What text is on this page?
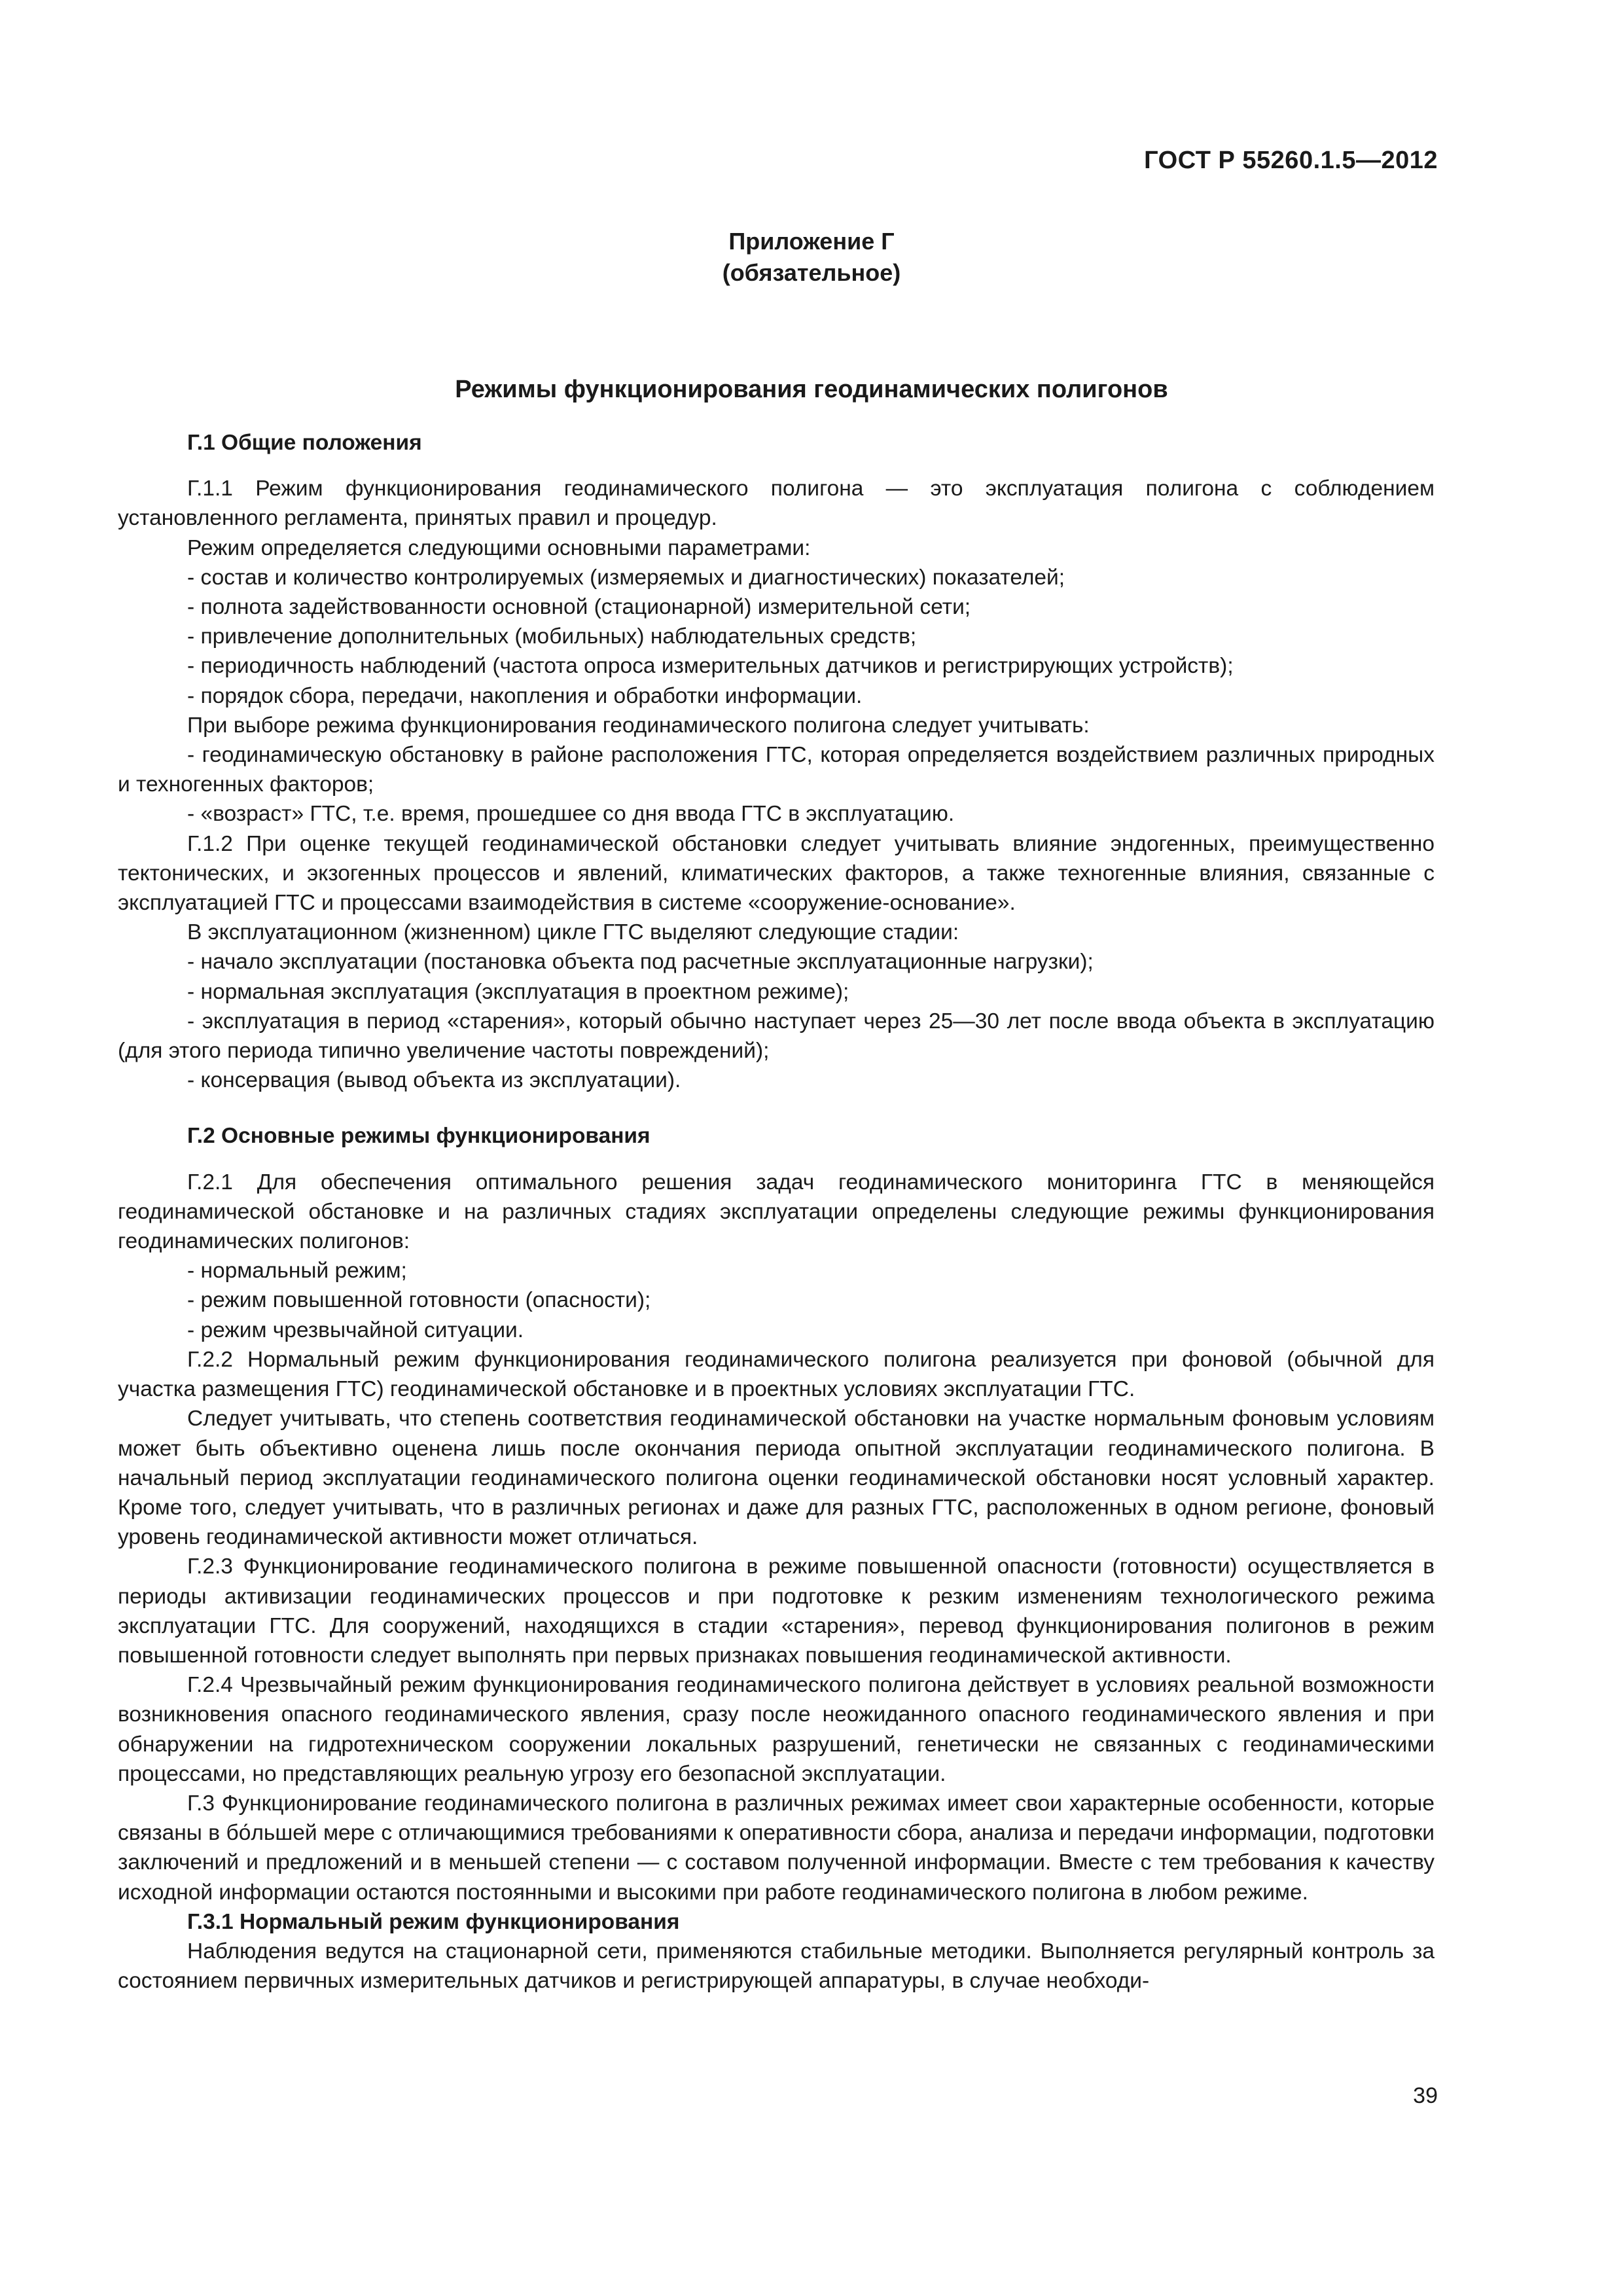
ГОСТ Р 55260.1.5—2012
Приложение Г
(обязательное)
Режимы функционирования геодинамических полигонов

Г.1 Общие положения

Г.1.1 Режим функционирования геодинамического полигона — это эксплуатация полигона с соблюдением установленного регламента, принятых правил и процедур.

Режим определяется следующими основными параметрами:

- состав и количество контролируемых (измеряемых и диагностических) показателей;

- полнота задействованности основной (стационарной) измерительной сети;

- привлечение дополнительных (мобильных) наблюдательных средств;

- периодичность наблюдений (частота опроса измерительных датчиков и регистрирующих устройств);

- порядок сбора, передачи, накопления и обработки информации.

При выборе режима функционирования геодинамического полигона следует учитывать:

- геодинамическую обстановку в районе расположения ГТС, которая определяется воздействием различных природных и техногенных факторов;

- «возраст» ГТС, т.е. время, прошедшее со дня ввода ГТС в эксплуатацию.

Г.1.2 При оценке текущей геодинамической обстановки следует учитывать влияние эндогенных, преимущественно тектонических, и экзогенных процессов и явлений, климатических факторов, а также техногенные влияния, связанные с эксплуатацией ГТС и процессами взаимодействия в системе «сооружение-основание».

В эксплуатационном (жизненном) цикле ГТС выделяют следующие стадии:

- начало эксплуатации (постановка объекта под расчетные эксплуатационные нагрузки);

- нормальная эксплуатация (эксплуатация в проектном режиме);

- эксплуатация в период «старения», который обычно наступает через 25—30 лет после ввода объекта в эксплуатацию (для этого периода типично увеличение частоты повреждений);

- консервация (вывод объекта из эксплуатации).

Г.2 Основные режимы функционирования

Г.2.1 Для обеспечения оптимального решения задач геодинамического мониторинга ГТС в меняющейся геодинамической обстановке и на различных стадиях эксплуатации определены следующие режимы функционирования геодинамических полигонов:

- нормальный режим;

- режим повышенной готовности (опасности);

- режим чрезвычайной ситуации.

Г.2.2 Нормальный режим функционирования геодинамического полигона реализуется при фоновой (обычной для участка размещения ГТС) геодинамической обстановке и в проектных условиях эксплуатации ГТС.

Следует учитывать, что степень соответствия геодинамической обстановки на участке нормальным фоновым условиям может быть объективно оценена лишь после окончания периода опытной эксплуатации геодинамического полигона. В начальный период эксплуатации геодинамического полигона оценки геодинамической обстановки носят условный характер. Кроме того, следует учитывать, что в различных регионах и даже для разных ГТС, расположенных в одном регионе, фоновый уровень геодинамической активности может отличаться.

Г.2.3 Функционирование геодинамического полигона в режиме повышенной опасности (готовности) осуществляется в периоды активизации геодинамических процессов и при подготовке к резким изменениям технологического режима эксплуатации ГТС. Для сооружений, находящихся в стадии «старения», перевод функционирования полигонов в режим повышенной готовности следует выполнять при первых признаках повышения геодинамической активности.

Г.2.4 Чрезвычайный режим функционирования геодинамического полигона действует в условиях реальной возможности возникновения опасного геодинамического явления, сразу после неожиданного опасного геодинамического явления и при обнаружении на гидротехническом сооружении локальных разрушений, генетически не связанных с геодинамическими процессами, но представляющих реальную угрозу его безопасной эксплуатации.

Г.3 Функционирование геодинамического полигона в различных режимах имеет свои характерные особенности, которые связаны в бо́льшей мере с отличающимися требованиями к оперативности сбора, анализа и передачи информации, подготовки заключений и предложений и в меньшей степени — с составом полученной информации. Вместе с тем требования к качеству исходной информации остаются постоянными и высокими при работе геодинамического полигона в любом режиме.

Г.3.1 Нормальный режим функционирования

Наблюдения ведутся на стационарной сети, применяются стабильные методики. Выполняется регулярный контроль за состоянием первичных измерительных датчиков и регистрирующей аппаратуры, в случае необходи-

39
